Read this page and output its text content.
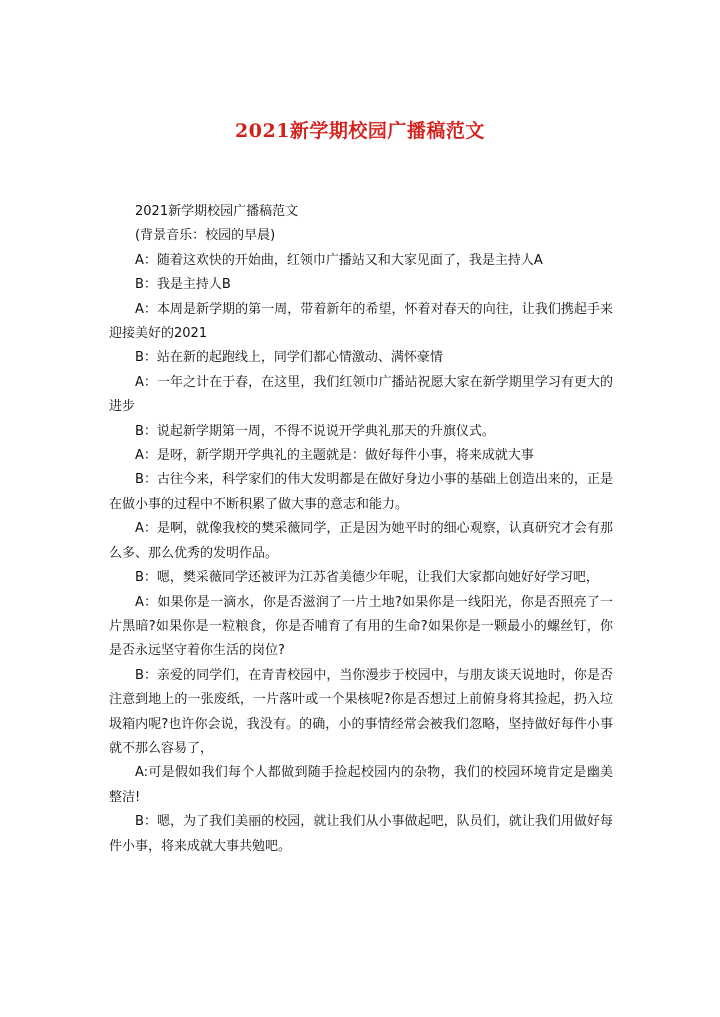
2021新学期校园广播稿范文

2021新学期校园广播稿范文

(背景音乐：校园的早晨)

A：随着这欢快的开始曲，红领巾广播站又和大家见面了，我是主持人A

B：我是主持人B

A：本周是新学期的第一周，带着新年的希望，怀着对春天的向往，让我们携起手来迎接美好的2021

B：站在新的起跑线上，同学们都心情激动、满怀豪情

A：一年之计在于春，在这里，我们红领巾广播站祝愿大家在新学期里学习有更大的进步

B：说起新学期第一周，不得不说说开学典礼那天的升旗仪式。

A：是呀，新学期开学典礼的主题就是：做好每件小事，将来成就大事

B：古往今来，科学家们的伟大发明都是在做好身边小事的基础上创造出来的，正是在做小事的过程中不断积累了做大事的意志和能力。

A：是啊，就像我校的樊采薇同学，正是因为她平时的细心观察，认真研究才会有那么多、那么优秀的发明作品。

B：嗯，樊采薇同学还被评为江苏省美德少年呢，让我们大家都向她好好学习吧，

A：如果你是一滴水，你是否滋润了一片土地?如果你是一线阳光，你是否照亮了一片黑暗?如果你是一粒粮食，你是否哺育了有用的生命?如果你是一颗最小的螺丝钉，你是否永远坚守着你生活的岗位?

B：亲爱的同学们，在青青校园中，当你漫步于校园中，与朋友谈天说地时，你是否注意到地上的一张废纸，一片落叶或一个果核呢?你是否想过上前俯身将其捡起，扔入垃圾箱内呢?也许你会说，我没有。的确，小的事情经常会被我们忽略，坚持做好每件小事就不那么容易了，

A:可是假如我们每个人都做到随手捡起校园内的杂物，我们的校园环境肯定是幽美整洁!

B：嗯，为了我们美丽的校园，就让我们从小事做起吧，队员们，就让我们用做好每件小事，将来成就大事共勉吧。
